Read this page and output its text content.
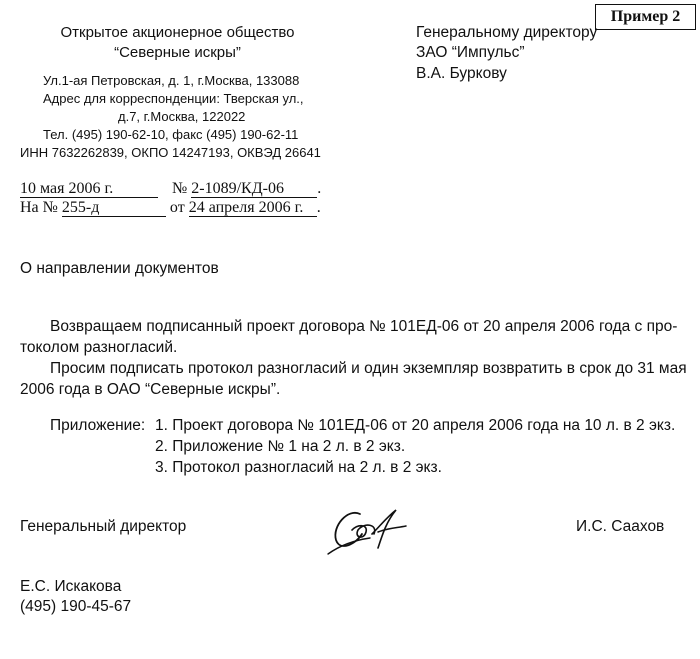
Пример 2
Открытое акционерное общество
“Северные искры”
Ул.1-ая Петровская, д. 1, г.Москва, 133088
Адрес для корреспонденции: Тверская ул.,
д.7, г.Москва, 122022
Тел. (495) 190-62-10, факс (495) 190-62-11
ИНН 7632262839, ОКПО 14247193, ОКВЭД 26641
Генеральному директору
ЗАО “Импульс”
В.А. Буркову
10 мая 2006 г.	№ 2-1089/КД-06 .
На № 255-д	от 24 апреля 2006 г. .
О направлении документов
Возвращаем подписанный проект договора № 101ЕД-06 от 20 апреля 2006 года с про-
токолом разногласий.
Просим подписать протокол разногласий и один экземпляр возвратить в срок до 31 мая
2006 года в ОАО “Северные искры”.
Приложение: 1. Проект договора № 101ЕД-06 от 20 апреля 2006 года на 10 л. в 2 экз.
2. Приложение № 1 на 2 л. в 2 экз.
3. Протокол разногласий на 2 л. в 2 экз.
Генеральный директор	И.С. Саахов
Е.С. Искакова
(495) 190-45-67
